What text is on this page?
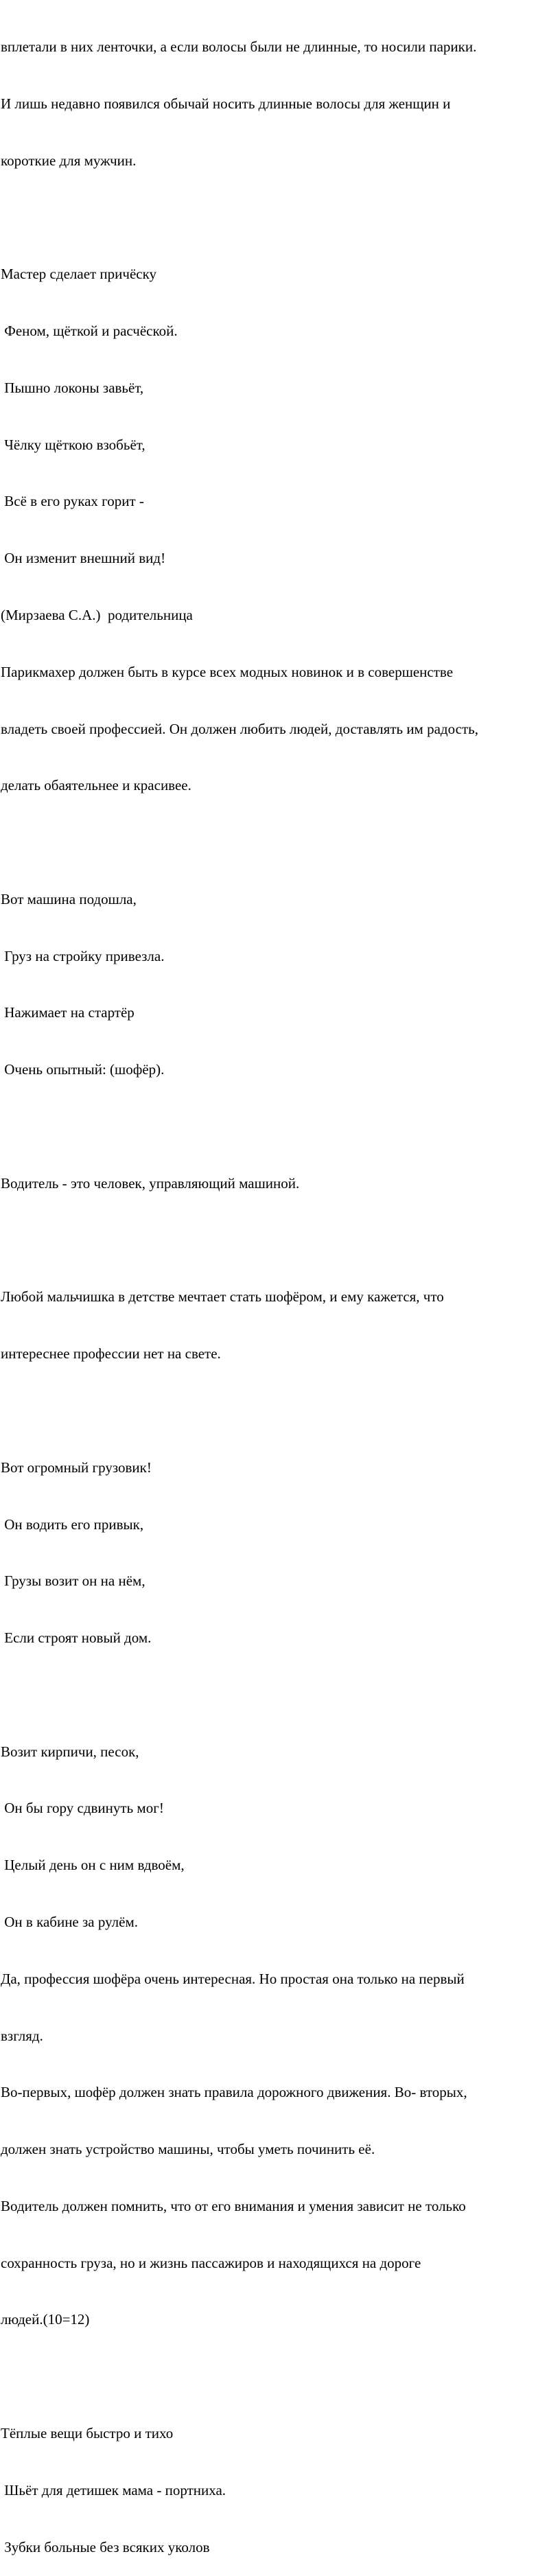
вплетали в них ленточки, а если волосы были не длинные, то носили парики.

И лишь недавно появился обычай носить длинные волосы для женщин и

короткие для мужчин.

Мастер сделает причёску

Феном, щёткой и расчёской.

Пышно локоны завьёт,

Чёлку щёткою взобьёт,

Всё в его руках горит -

Он изменит внешний вид!

(Мирзаева С.А.)  родительница

Парикмахер должен быть в курсе всех модных новинок и в совершенстве

владеть своей профессией. Он должен любить людей, доставлять им радость,

делать обаятельнее и красивее.

Вот машина подошла,

Груз на стройку привезла.

Нажимает на стартёр

Очень опытный: (шофёр).

Водитель - это человек, управляющий машиной.

Любой мальчишка в детстве мечтает стать шофёром, и ему кажется, что

интереснее профессии нет на свете.

Вот огромный грузовик!

Он водить его привык,

Грузы возит он на нём,

Если строят новый дом.

Возит кирпичи, песок,

Он бы гору сдвинуть мог!

Целый день он с ним вдвоём,

Он в кабине за рулём.

Да, профессия шофёра очень интересная. Но простая она только на первый

взгляд.

Во-первых, шофёр должен знать правила дорожного движения. Во- вторых,

должен знать устройство машины, чтобы уметь починить её.

Водитель должен помнить, что от его внимания и умения зависит не только

сохранность груза, но и жизнь пассажиров и находящихся на дороге

людей.(10=12)

Тёплые вещи быстро и тихо

Шьёт для детишек мама - портниха.

Зубки больные без всяких уколов
